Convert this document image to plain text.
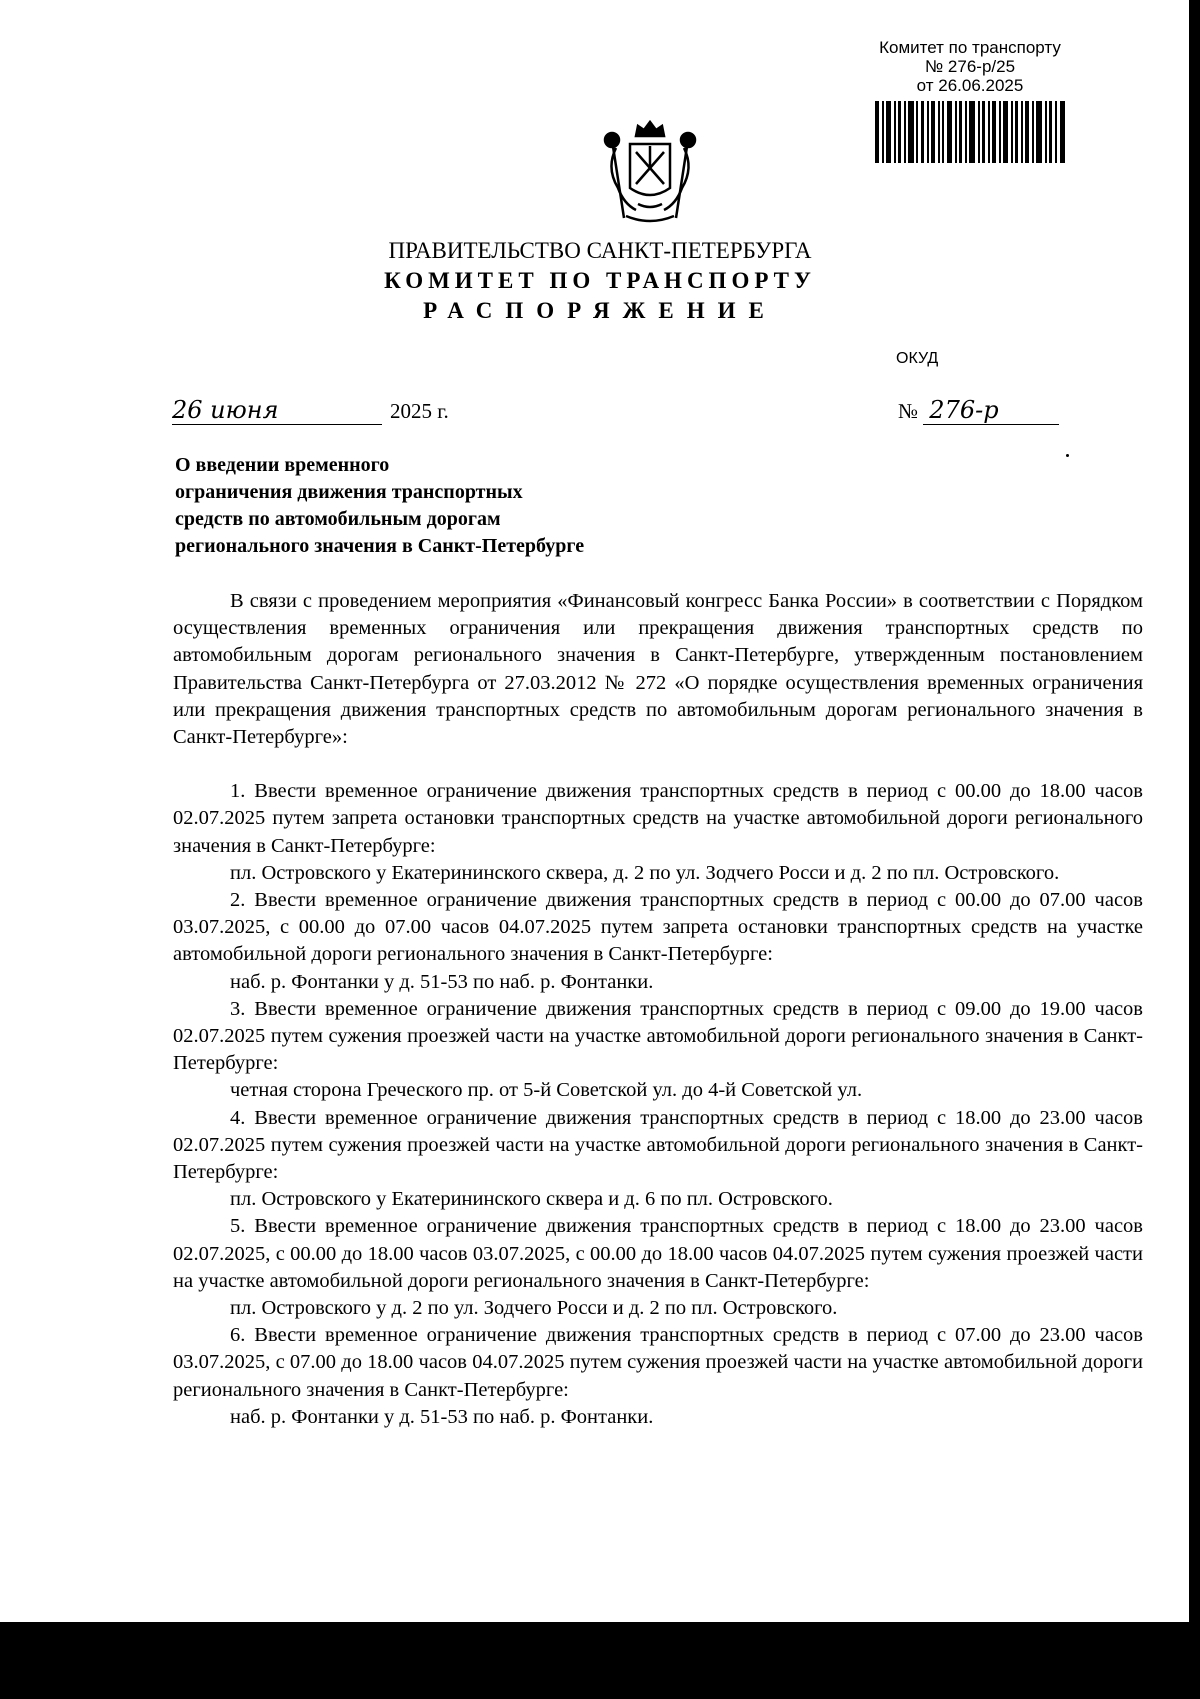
Комитет по транспорту
№ 276-р/25
от 26.06.2025
ПРАВИТЕЛЬСТВО САНКТ-ПЕТЕРБУРГА
КОМИТЕТ ПО ТРАНСПОРТУ
РАСПОРЯЖЕНИЕ
ОКУД
26 июня	2025 г.	№ 276-р
О введении временного
ограничения движения транспортных
средств по автомобильным дорогам
регионального значения в Санкт-Петербурге

В связи с проведением мероприятия «Финансовый конгресс Банка России» в соответствии с Порядком осуществления временных ограничения или прекращения движения транспортных средств по автомобильным дорогам регионального значения в Санкт-Петербурге, утвержденным постановлением Правительства Санкт-Петербурга от 27.03.2012 № 272 «О порядке осуществления временных ограничения или прекращения движения транспортных средств по автомобильным дорогам регионального значения в Санкт-Петербурге»:

1. Ввести временное ограничение движения транспортных средств в период с 00.00 до 18.00 часов 02.07.2025 путем запрета остановки транспортных средств на участке автомобильной дороги регионального значения в Санкт-Петербурге:

пл. Островского у Екатерининского сквера, д. 2 по ул. Зодчего Росси и д. 2 по пл. Островского.

2. Ввести временное ограничение движения транспортных средств в период с 00.00 до 07.00 часов 03.07.2025, с 00.00 до 07.00 часов 04.07.2025 путем запрета остановки транспортных средств на участке автомобильной дороги регионального значения в Санкт-Петербурге:

наб. р. Фонтанки у д. 51-53 по наб. р. Фонтанки.

3. Ввести временное ограничение движения транспортных средств в период с 09.00 до 19.00 часов 02.07.2025 путем сужения проезжей части на участке автомобильной дороги регионального значения в Санкт-Петербурге:

четная сторона Греческого пр. от 5-й Советской ул. до 4-й Советской ул.

4. Ввести временное ограничение движения транспортных средств в период с 18.00 до 23.00 часов 02.07.2025 путем сужения проезжей части на участке автомобильной дороги регионального значения в Санкт-Петербурге:

пл. Островского у Екатерининского сквера и д. 6 по пл. Островского.

5. Ввести временное ограничение движения транспортных средств в период с 18.00 до 23.00 часов 02.07.2025, с 00.00 до 18.00 часов 03.07.2025, с 00.00 до 18.00 часов 04.07.2025 путем сужения проезжей части на участке автомобильной дороги регионального значения в Санкт-Петербурге:

пл. Островского у д. 2 по ул. Зодчего Росси и д. 2 по пл. Островского.

6. Ввести временное ограничение движения транспортных средств в период с 07.00 до 23.00 часов 03.07.2025, с 07.00 до 18.00 часов 04.07.2025 путем сужения проезжей части на участке автомобильной дороги регионального значения в Санкт-Петербурге:

наб. р. Фонтанки у д. 51-53 по наб. р. Фонтанки.
